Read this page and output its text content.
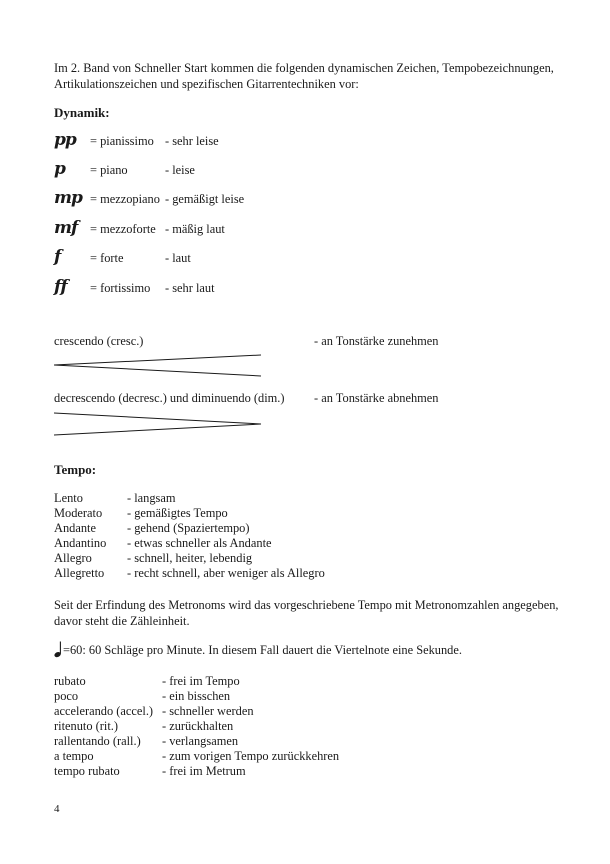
Im 2. Band von Schneller Start kommen die folgenden dynamischen Zeichen, Tempobezeichnungen, Artikulationszeichen und spezifischen Gitarrentechniken vor:
Dynamik:
pp = pianissimo - sehr leise
p = piano	- leise
mp = mezzopiano - gemäßigt leise
mf = mezzoforte - mäßig laut
f = forte	- laut
ff = fortissimo - sehr laut
crescendo (cresc.)	- an Tonstärke zunehmen
decrescendo (decresc.) und diminuendo (dim.) - an Tonstärke abnehmen
Tempo:
Lento	- langsam
Moderato - gemäßigtes Tempo
Andante	- gehend (Spaziertempo)
Andantino - etwas schneller als Andante
Allegro	- schnell, heiter, lebendig
Allegretto - recht schnell, aber weniger als Allegro
Seit der Erfindung des Metronoms wird das vorgeschriebene Tempo mit Metronomzahlen angegeben, davor steht die Zähleinheit.
=60: 60 Schläge pro Minute. In diesem Fall dauert die Viertelnote eine Sekunde.
rubato	- frei im Tempo
poco	- ein bisschen
accelerando (accel.) - schneller werden
ritenuto (rit.)	- zurückhalten
rallentando (rall.) - verlangsamen
a tempo	- zum vorigen Tempo zurückkehren
tempo rubato	- frei im Metrum
4
